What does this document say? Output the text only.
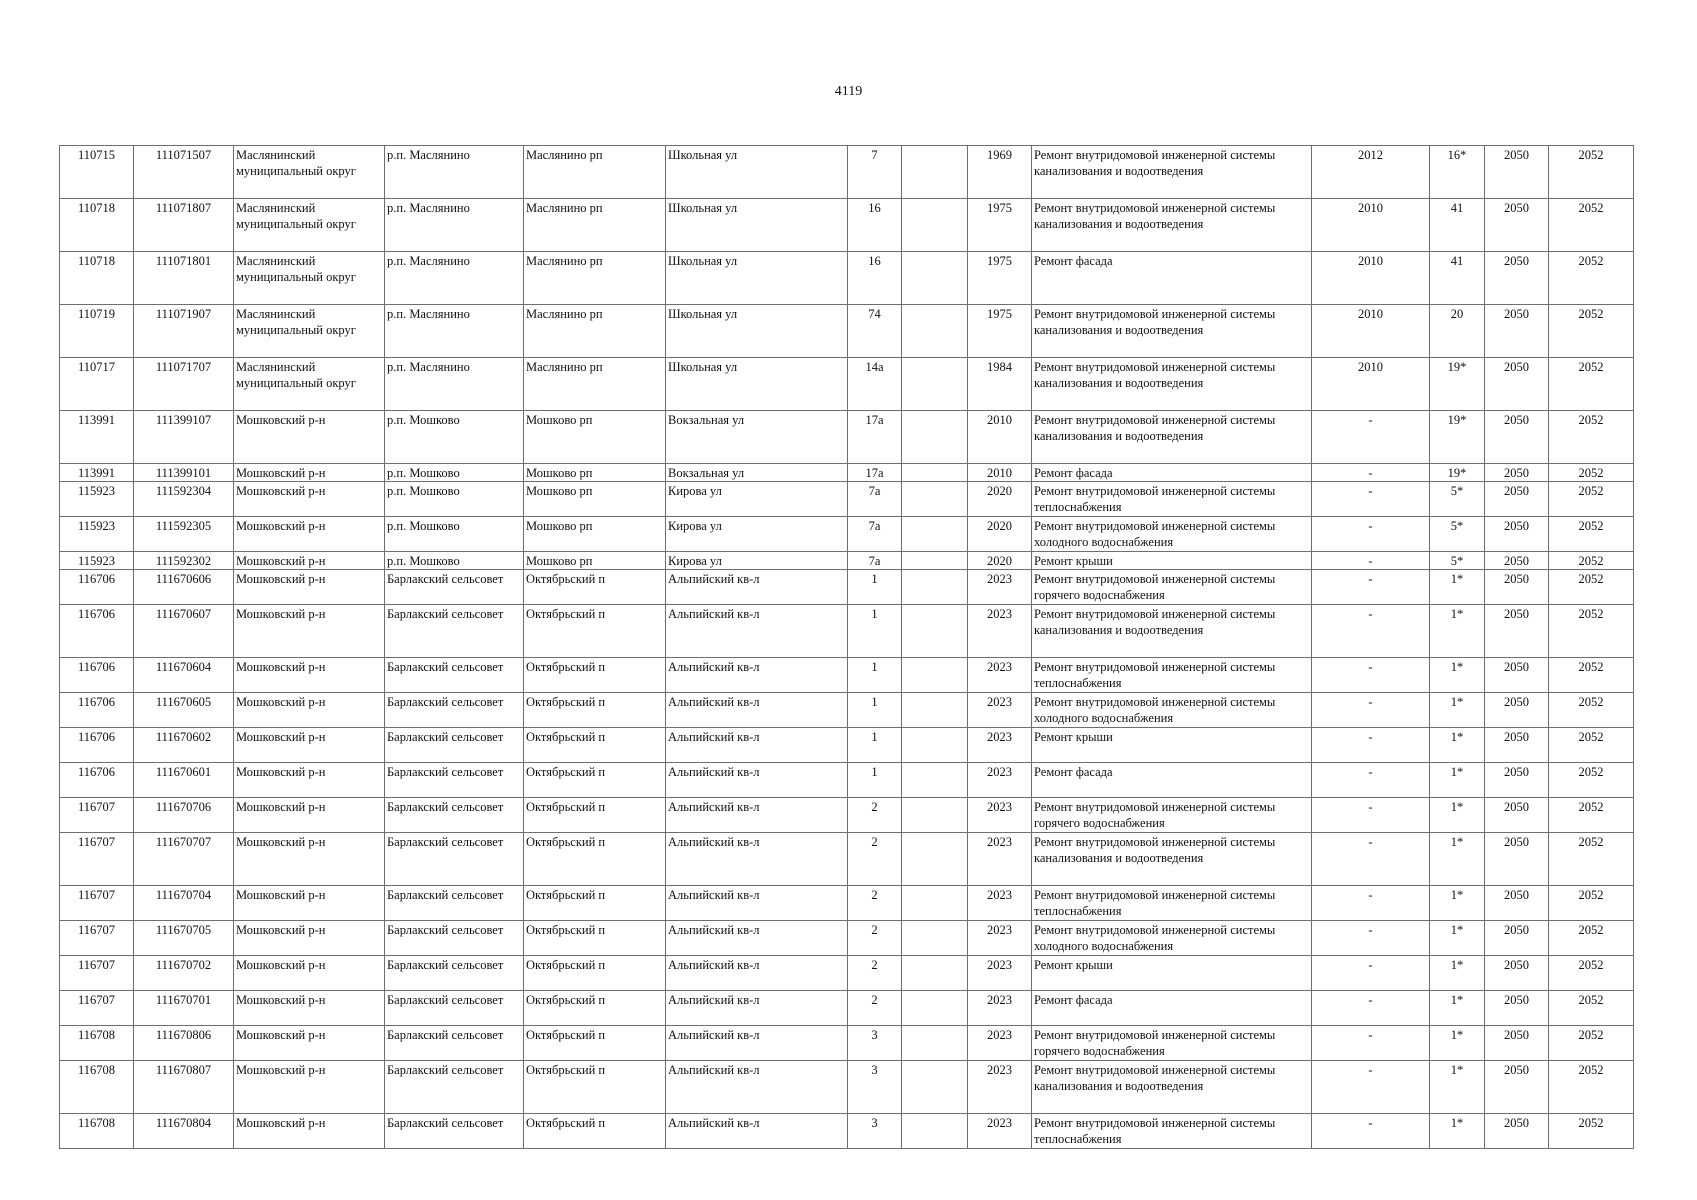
4119
110715	111071507	Маслянинский муниципальный округ	р.п. Маслянино	Маслянино рп	Школьная ул	7		1969	Ремонт внутридомовой инженерной системы канализования и водоотведения	2012	16*	2050	2052
110718	111071807	Маслянинский муниципальный округ	р.п. Маслянино	Маслянино рп	Школьная ул	16		1975	Ремонт внутридомовой инженерной системы канализования и водоотведения	2010	41	2050	2052
110718	111071801	Маслянинский муниципальный округ	р.п. Маслянино	Маслянино рп	Школьная ул	16		1975	Ремонт фасада	2010	41	2050	2052
110719	111071907	Маслянинский муниципальный округ	р.п. Маслянино	Маслянино рп	Школьная ул	74		1975	Ремонт внутридомовой инженерной системы канализования и водоотведения	2010	20	2050	2052
110717	111071707	Маслянинский муниципальный округ	р.п. Маслянино	Маслянино рп	Школьная ул	14а		1984	Ремонт внутридомовой инженерной системы канализования и водоотведения	2010	19*	2050	2052
113991	111399107	Мошковский р-н	р.п. Мошково	Мошково рп	Вокзальная ул	17а		2010	Ремонт внутридомовой инженерной системы канализования и водоотведения	-	19*	2050	2052
113991	111399101	Мошковский р-н	р.п. Мошково	Мошково рп	Вокзальная ул	17а		2010	Ремонт фасада	-	19*	2050	2052
115923	111592304	Мошковский р-н	р.п. Мошково	Мошково рп	Кирова ул	7а		2020	Ремонт внутридомовой инженерной системы теплоснабжения	-	5*	2050	2052
115923	111592305	Мошковский р-н	р.п. Мошково	Мошково рп	Кирова ул	7а		2020	Ремонт внутридомовой инженерной системы холодного водоснабжения	-	5*	2050	2052
115923	111592302	Мошковский р-н	р.п. Мошково	Мошково рп	Кирова ул	7а		2020	Ремонт крыши	-	5*	2050	2052
116706	111670606	Мошковский р-н	Барлакский сельсовет	Октябрьский п	Альпийский кв-л	1		2023	Ремонт внутридомовой инженерной системы горячего водоснабжения	-	1*	2050	2052
116706	111670607	Мошковский р-н	Барлакский сельсовет	Октябрьский п	Альпийский кв-л	1		2023	Ремонт внутридомовой инженерной системы канализования и водоотведения	-	1*	2050	2052
116706	111670604	Мошковский р-н	Барлакский сельсовет	Октябрьский п	Альпийский кв-л	1		2023	Ремонт внутридомовой инженерной системы теплоснабжения	-	1*	2050	2052
116706	111670605	Мошковский р-н	Барлакский сельсовет	Октябрьский п	Альпийский кв-л	1		2023	Ремонт внутридомовой инженерной системы холодного водоснабжения	-	1*	2050	2052
116706	111670602	Мошковский р-н	Барлакский сельсовет	Октябрьский п	Альпийский кв-л	1		2023	Ремонт крыши	-	1*	2050	2052
116706	111670601	Мошковский р-н	Барлакский сельсовет	Октябрьский п	Альпийский кв-л	1		2023	Ремонт фасада	-	1*	2050	2052
116707	111670706	Мошковский р-н	Барлакский сельсовет	Октябрьский п	Альпийский кв-л	2		2023	Ремонт внутридомовой инженерной системы горячего водоснабжения	-	1*	2050	2052
116707	111670707	Мошковский р-н	Барлакский сельсовет	Октябрьский п	Альпийский кв-л	2		2023	Ремонт внутридомовой инженерной системы канализования и водоотведения	-	1*	2050	2052
116707	111670704	Мошковский р-н	Барлакский сельсовет	Октябрьский п	Альпийский кв-л	2		2023	Ремонт внутридомовой инженерной системы теплоснабжения	-	1*	2050	2052
116707	111670705	Мошковский р-н	Барлакский сельсовет	Октябрьский п	Альпийский кв-л	2		2023	Ремонт внутридомовой инженерной системы холодного водоснабжения	-	1*	2050	2052
116707	111670702	Мошковский р-н	Барлакский сельсовет	Октябрьский п	Альпийский кв-л	2		2023	Ремонт крыши	-	1*	2050	2052
116707	111670701	Мошковский р-н	Барлакский сельсовет	Октябрьский п	Альпийский кв-л	2		2023	Ремонт фасада	-	1*	2050	2052
116708	111670806	Мошковский р-н	Барлакский сельсовет	Октябрьский п	Альпийский кв-л	3		2023	Ремонт внутридомовой инженерной системы горячего водоснабжения	-	1*	2050	2052
116708	111670807	Мошковский р-н	Барлакский сельсовет	Октябрьский п	Альпийский кв-л	3		2023	Ремонт внутридомовой инженерной системы канализования и водоотведения	-	1*	2050	2052
116708	111670804	Мошковский р-н	Барлакский сельсовет	Октябрьский п	Альпийский кв-л	3		2023	Ремонт внутридомовой инженерной системы теплоснабжения	-	1*	2050	2052
